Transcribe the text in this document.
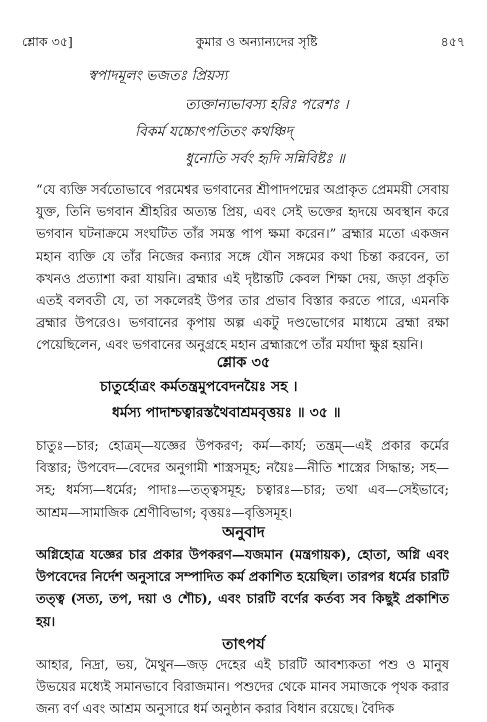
শ্লোক ৩৫]	কুমার ও অন্যান্যদের সৃষ্টি	৪৫৭
স্বপাদমূলং ভজতঃ প্রিয়স্য
ত্যক্তান্যভাবস্য হরিঃ পরেশঃ ।
বিকর্ম যচ্চোৎপতিতং কথঞ্চিদ্
ধুনোতি সর্বং হৃদি সন্নিবিষ্টঃ ॥
“যে ব্যক্তি সর্বতোভাবে পরমেশ্বর ভগবানের শ্রীপাদপদ্মের অপ্রাকৃত প্রেমময়ী সেবায় যুক্ত, তিনি ভগবান শ্রীহরির অত্যন্ত প্রিয়, এবং সেই ভক্তের হৃদয়ে অবস্থান করে ভগবান ঘটনাক্রমে সংঘটিত তাঁর সমস্ত পাপ ক্ষমা করেন।” ব্রহ্মার মতো একজন মহান ব্যক্তি যে তাঁর নিজের কন্যার সঙ্গে যৌন সঙ্গমের কথা চিন্তা করবেন, তা কখনও প্রত্যাশা করা যায়নি। ব্রহ্মার এই দৃষ্টান্তটি কেবল শিক্ষা দেয়, জড়া প্রকৃতি এতই বলবতী যে, তা সকলেরই উপর তার প্রভাব বিস্তার করতে পারে, এমনকি ব্রহ্মার উপরেও। ভগবানের কৃপায় অল্প একটু দণ্ডভোগের মাধ্যমে ব্রহ্মা রক্ষা পেয়েছিলেন, এবং ভগবানের অনুগ্রহে মহান ব্রহ্মারূপে তাঁর মর্যাদা ক্ষুণ্ণ হয়নি।
শ্লোক ৩৫
চাতুর্হোত্রং কর্মতন্ত্রমুপবেদনয়ৈঃ সহ ।
ধর্মস্য পাদাশ্চত্বারস্তথৈবাশ্রমবৃত্তয়ঃ ॥ ৩৫ ॥
চাতুঃ—চার; হোত্রম্—যজ্ঞের উপকরণ; কর্ম—কার্য; তন্ত্রম্—এই প্রকার কর্মের বিস্তার; উপবেদ—বেদের অনুগামী শাস্ত্রসমূহ; নয়ৈঃ—নীতি শাস্ত্রের সিদ্ধান্ত; সহ—সহ; ধর্মস্য—ধর্মের; পাদাঃ—তত্ত্বসমূহ; চত্বারঃ—চার; তথা এব—সেইভাবে; আশ্রম—সামাজিক শ্রেণীবিভাগ; বৃত্তয়ঃ—বৃত্তিসমূহ।
অনুবাদ
অগ্নিহোত্র যজ্ঞের চার প্রকার উপকরণ—যজমান (মন্ত্রগায়ক), হোতা, অগ্নি এবং উপবেদের নির্দেশ অনুসারে সম্পাদিত কর্ম প্রকাশিত হয়েছিল। তারপর ধর্মের চারটি তত্ত্ব (সত্য, তপ, দয়া ও শৌচ), এবং চারটি বর্ণের কর্তব্য সব কিছুই প্রকাশিত হয়।
তাৎপর্য
আহার, নিদ্রা, ভয়, মৈথুন—জড় দেহের এই চারটি আবশ্যকতা পশু ও মানুষ উভয়ের মধ্যেই সমানভাবে বিরাজমান। পশুদের থেকে মানব সমাজকে পৃথক করার জন্য বর্ণ এবং আশ্রম অনুসারে ধর্ম অনুষ্ঠান করার বিধান রয়েছে। বৈদিক
